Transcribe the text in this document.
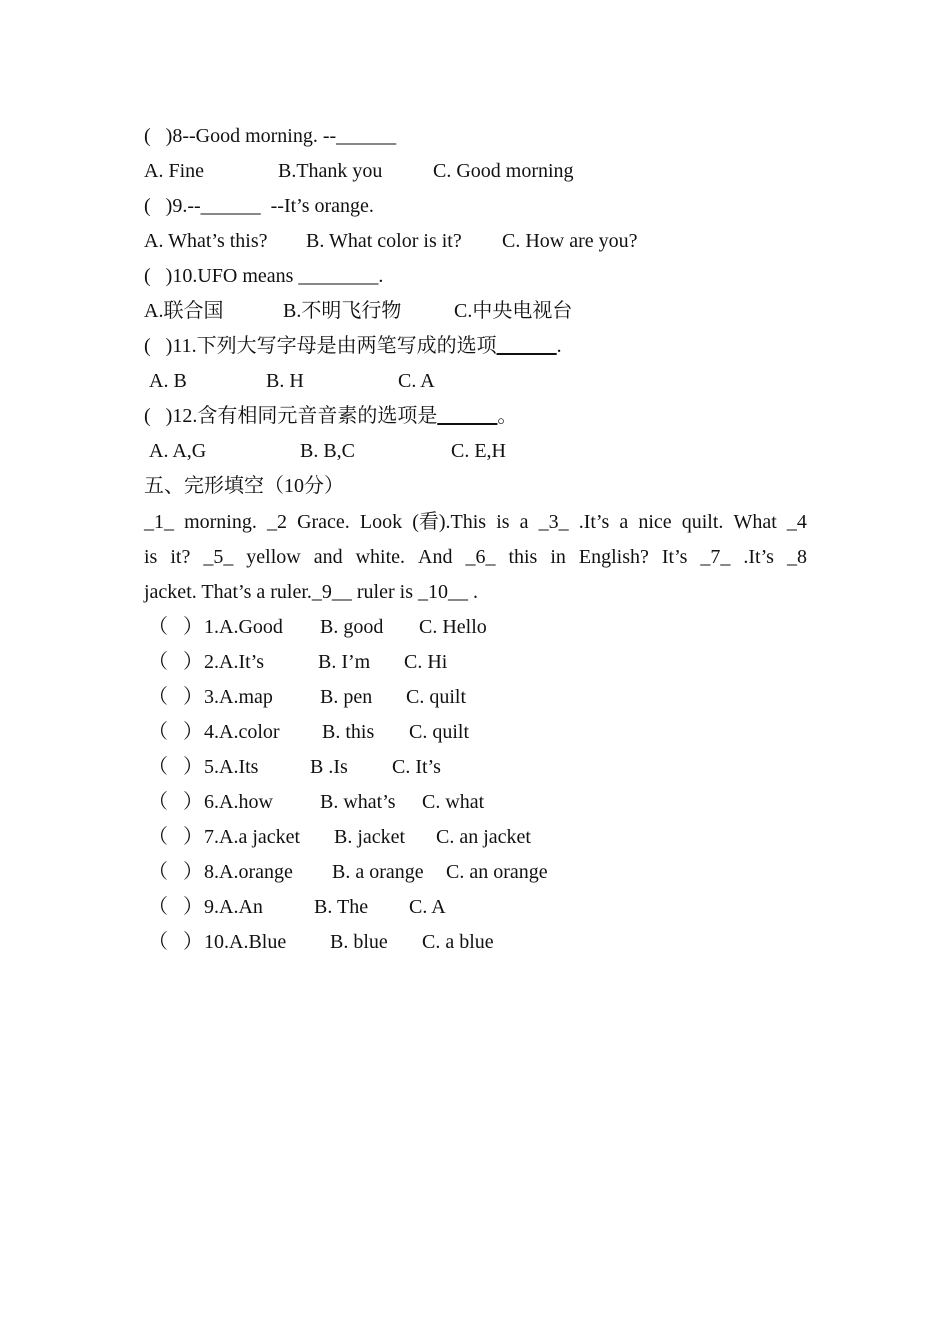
(   )8--Good morning. --______

A. Fine

	B.Thank you

	C. Good morning

(   )9.--______  --It’s orange.

A. What’s this?

B. What color is it?

C. How are you?

(   )10.UFO means ________.

A.联合国

	B.不明飞行物

	C.中央电视台

(   )11.下列大写字母是由两笔写成的选项______.

A. B

	B. H

	C. A

(   )12.含有相同元音音素的选项是______。

A. A,G

	B. B,C

	C. E,H

五、完形填空（10分）
_1_ morning. _2 Grace. Look (看).This is a _3_ .It’s a nice quilt. What _4
is it? _5_ yellow and white. And _6_ this in English? It’s _7_ .It’s _8
jacket. That’s a ruler._9__ ruler is _10__ .
（   ） 1.A.Good B. good C. Hello
（   ） 2.A.It’s	B. I’m C. Hi
（   ） 3.A.map B. pen C. quilt
（   ） 4.A.color B. this C. quilt
（   ） 5.A.Its	B .Is C. It’s
（   ） 6.A.how B. what’s C. what
（   ） 7.A.a jacket B. jacket C. an jacket
（   ） 8.A.orange B. a orange C. an orange
（   ） 9.A.An	B. The C. A
（   ） 10.A.Blue B. blue C. a blue
